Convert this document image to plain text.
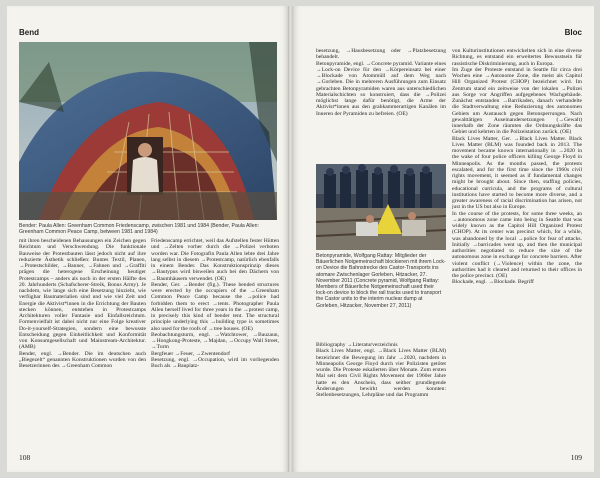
Bend
Bender: Paula Allen: Greenham Common Friedenscamp, zwischen 1981 und 1984 (Bender, Paula Allen: Greenham Common Peace Camp, between 1981 and 1984)

mit ihren bescheidenen Behausungen ein Zeichen gegen Reichtum und Verschwendung. Die funktionale Bauweise der Protestbauten lässt jedoch nicht auf ihre reduzierte Ästhetik schließen: Buntes Textil, Planen, →Protestschilder, →Banner, →Fahnen und →Graffiti prägen die heterogene Erscheinung heutiger Protestcamps – anders als noch in der ersten Hälfte des 20. Jahrhunderts (Schafscherer-Streik, Bonus Army). Je nachdem, wie lange sich eine Besetzung hinzieht, wie verfügbar Baumaterialien sind und wie viel Zeit und Energie die Aktivist*innen in die Errichtung der Bauten stecken können, entstehen in Protestcamps Architekturen voller Fantasie und Einfallsreichtum. Formenvielfalt ist dabei nicht nur eine Folge kreativer Do-it-yourself-Strategien, sondern eine bewusste Entscheidung gegen Einheitlichkeit und Konformität von Konsumgesellschaft und Mainstream-Architektur. (AMB)

Bender, engl. →Bender. Die im deutschen auch „Biegezelt“ genannten Konstruktionen wurden von den Besetzerinnen des →Greenham Common

Friedenscamp errichtet, weil das Aufstellen fester Hütten und →Zelten vorher durch die →Polizei verboten worden war. Die Fotografin Paula Allen lebte drei Jahre lang selbst in diesem →Protestcamp, natürlich ebenfalls in einem Bender. Das Konstruktionsprinzip dieses →Bautypus wird bisweilen auch bei den Dächern von →Baumhäusern verwendet. (OE)

Bender, Ger. →Bender (fig.). These bended structures were erected by the occupiers of the →Greenham Common Peace Camp because the →police had forbidden them to erect →tents. Photographer Paula Allen herself lived for three years in the →protest camp, in precisely this kind of bender tent. The structural principle underlying this →building type is sometimes also used for the roofs of →tree houses. (OE)

Beobachtungsturm, engl. →Watchtower, →Bauzaun, →Hongkong-Proteste, →Majdan, →Occupy Wall Street, →Turm

Bergfeuer →Feuer, →Zwentendorf

Besetzung, engl. →Occupation, wird im vorliegenden Buch als →Bauplatz-

108
Bloc

besetzung, →Hausbesetzung oder →Platzbesetzung behandelt.

Betonpyramide, engl. →Concrete pyramid. Variante eines →Lock-on Device für den →Körpereinsatz bei einer →Blockade von Atommüll auf dem Weg nach →Gorleben. Die in mehreren Ausführungen zum Einsatz gebrachten Betonpyramiden waren aus unterschiedlichen Materialschichten so konstruiert, dass die →Polizei möglichst lange dafür benötigt, die Arme der Aktivist*innen aus den grabkammerartigen Kanälen im Inneren der Pyramiden zu befreien. (OE)

Betonpyramide, Wolfgang Rattay: Mitglieder der Bäuerlichen Notgemeinschaft blockieren mit ihrem Lock-on Device die Bahnstrecke des Castor-Transports ins atomare Zwischenlager Gorleben, Hitzacker, 27. November 2011 (Concrete pyramid, Wolfgang Rattay: Members of Bäuerliche Notgemeinschaft used their lock-on device to block the rail tracks used to transport the Castor units to the interim nuclear dump at Gorleben, Hitzacker, November 27, 2011)

Bibliography →Literaturverzeichnis

Black Lives Matter, engl. →Black Lives Matter (BLM) bezeichnet die Bewegung im Jahr →2020, nachdem in Minneapolis George Floyd durch vier Polizisten getötet wurde. Die Proteste eskalierten über Monate. Zum ersten Mal seit dem Civil Rights Movement der 1960er Jahre hatte es den Anschein, dass seither grundlegende Änderungen bewirkt werden konnten: Stellenbesetzungen, Lehrpläne und das Programm

von Kulturinstitutionen entwickelten sich in eine diverse Richtung, es entstand ein erweitertes Bewusstsein für rassistische Diskriminierung, auch in Europa.

Im Zuge der Proteste entstand in Seattle für circa drei Wochen eine →Autonome Zone, die meist als Capitol Hill Organized Protest (CHOP) bezeichnet wird. Im Zentrum stand ein zeitweise von der lokalen →Polizei aus Sorge vor Angriffen aufgegebenes Wachgebäude. Zunächst entstanden →Barrikaden, danach verhandelte die Stadtverwaltung eine Reduzierung des autonomen Gebiets um Austausch gegen Betonsperrungen. Nach gewalttätigen Auseinandersetzungen (→Gewalt) innerhalb der Zone räumten die Ordnungskräfte das Gebiet und kehrten in die Polizeistation zurück. (OE)

Black Lives Matter, Ger. →Black Lives Matter. Black Lives Matter (BLM) was founded back in 2013. The movement became known internationally in →2020 in the wake of four police officers killing George Floyd in Minneapolis. As the months passed, the protests escalated, and for the first time since the 1960s civil rights movement, it seemed as if fundamental changes might be brought about. Since then, staffing policies, educational curricula, and the programs of cultural institutions have started to become more diverse, and a greater awareness of racial discrimination has arisen, not just in the US but also in Europe.

In the course of the protests, for some three weeks, an →autonomous zone came into being in Seattle that was widely known as the Capitol Hill Organized Protest (CHOP). At its center was precinct which, for a while, was abandoned by the local →police for fear of attacks. Initially →barricades went up, and then the municipal authorities negotiated to reduce the size of the autonomous zone in exchange for concrete barriers. After violent conflict (→Violence) within the zone, the authorities had it cleared and returned to their offices in the police precinct. (OE)

Blockade, engl. →Blockade. Begriff

109
